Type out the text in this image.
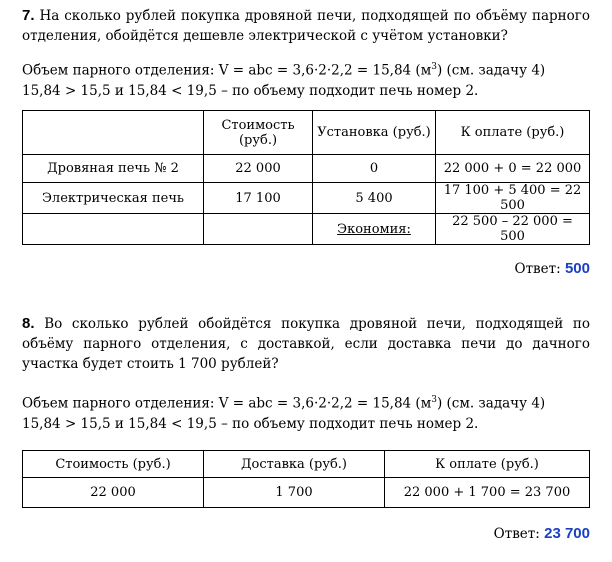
7. На сколько рублей покупка дровяной печи, подходящей по объёму парного отделения, обойдётся дешевле электрической с учётом установки?

Объем парного отделения: V = abc = 3,6·2·2,2 = 15,84 $(м^3)$ (см. задачу 4)

15,84 > 15,5 и 15,84 < 19,5 – по объему подходит печь номер 2.

	Стоимость (руб.)	Установка (руб.)	К оплате (руб.)
Дровяная печь № 2	22 000	0	22 000 + 0 = 22 000
Электрическая печь	17 100	5 400	17 100 + 5 400 = 22 500
		Экономия:	22 500 – 22 000 = 500
Ответ: 500

8. Во сколько рублей обойдётся покупка дровяной печи, подходящей по объёму парного отделения, с доставкой, если доставка печи до дачного участка будет стоить 1 700 рублей?

Объем парного отделения: V = abc = 3,6·2·2,2 = 15,84 $(м^3)$ (см. задачу 4)

15,84 > 15,5 и 15,84 < 19,5 – по объему подходит печь номер 2.

Стоимость (руб.)	Доставка (руб.)	К оплате (руб.)
22 000	1 700	22 000 + 1 700 = 23 700
Ответ: 23 700
